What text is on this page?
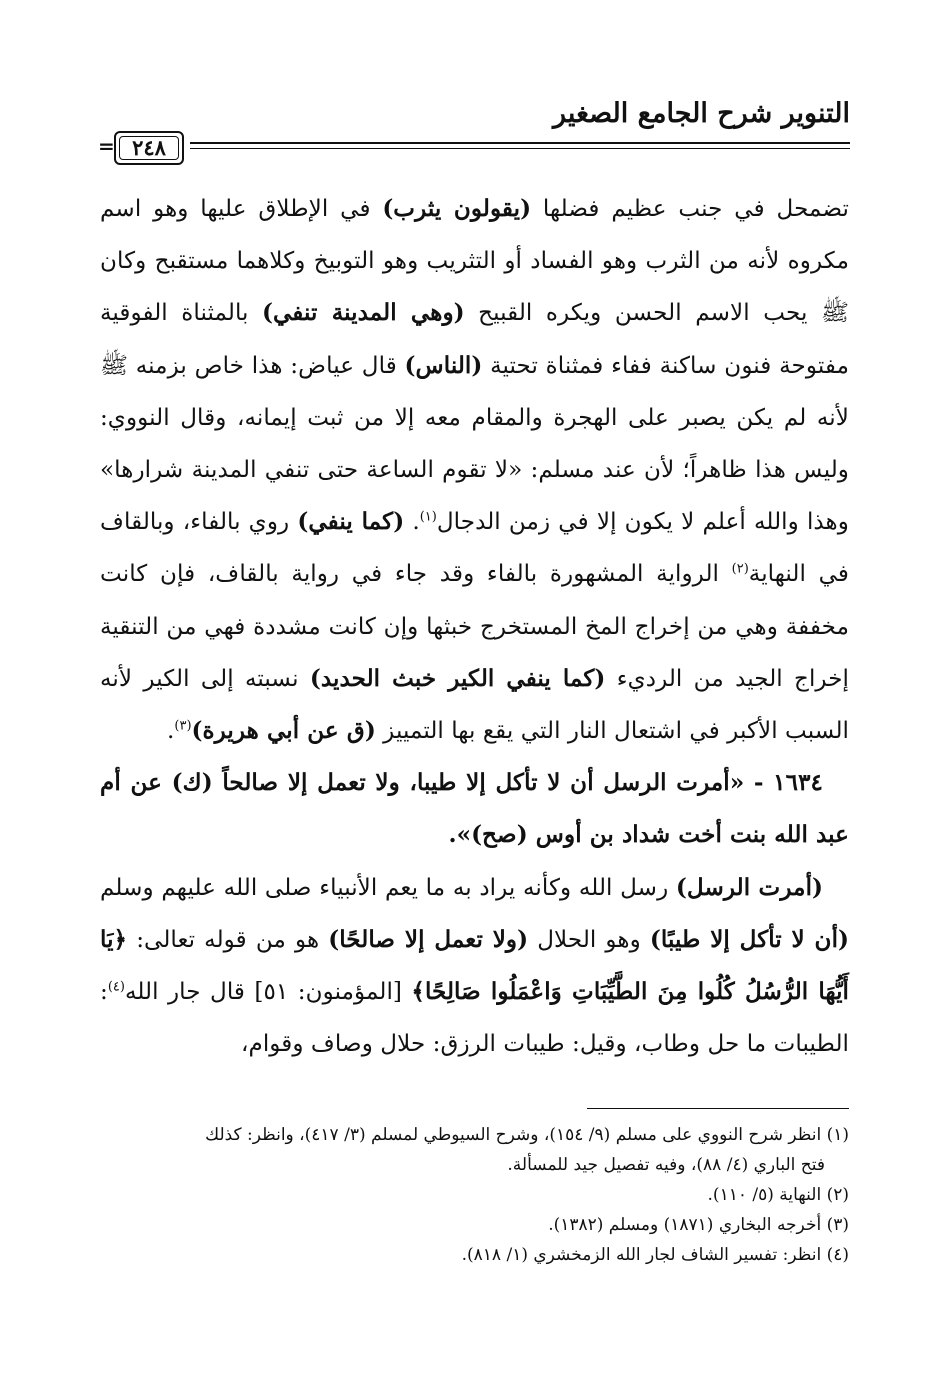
التنوير شرح الجامع الصغير
٢٤٨
=

تضمحل في جنب عظيم فضلها (يقولون يثرب) في الإطلاق عليها وهو اسم مكروه لأنه من الثرب وهو الفساد أو التثريب وهو التوبيخ وكلاهما مستقبح وكان ﷺ يحب الاسم الحسن ويكره القبيح (وهي المدينة تنفي) بالمثناة الفوقية مفتوحة فنون ساكنة ففاء فمثناة تحتية (الناس) قال عياض: هذا خاص بزمنه ﷺ لأنه لم يكن يصبر على الهجرة والمقام معه إلا من ثبت إيمانه، وقال النووي: وليس هذا ظاهراً؛ لأن عند مسلم: «لا تقوم الساعة حتى تنفي المدينة شرارها» وهذا والله أعلم لا يكون إلا في زمن الدجال$^{(١)}$. (كما ينفي) روي بالفاء، وبالقاف في النهاية$^{(٢)}$ الرواية المشهورة بالفاء وقد جاء في رواية بالقاف، فإن كانت مخففة وهي من إخراج المخ المستخرج خبثها وإن كانت مشددة فهي من التنقية إخراج الجيد من الرديء (كما ينفي الكير خبث الحديد) نسبته إلى الكير لأنه السبب الأكبر في اشتعال النار التي يقع بها التمييز (ق عن أبي هريرة)$^{(٣)}$.

١٦٣٤ - «أمرت الرسل أن لا تأكل إلا طيبا، ولا تعمل إلا صالحاً (ك) عن أم عبد الله بنت أخت شداد بن أوس (صح)».

(أمرت الرسل) رسل الله وكأنه يراد به ما يعم الأنبياء صلى الله عليهم وسلم (أن لا تأكل إلا طيبًا) وهو الحلال (ولا تعمل إلا صالحًا) هو من قوله تعالى: ﴿يَا أَيُّهَا الرُّسُلُ كُلُوا مِنَ الطَّيِّبَاتِ وَاعْمَلُوا صَالِحًا﴾ [المؤمنون: ٥١] قال جار الله$^{(٤)}$: الطيبات ما حل وطاب، وقيل: طيبات الرزق: حلال وصاف وقوام،

(١) انظر شرح النووي على مسلم (٩/ ١٥٤)، وشرح السيوطي لمسلم (٣/ ٤١٧)، وانظر: كذلك

فتح الباري (٤/ ٨٨)، وفيه تفصيل جيد للمسألة.

(٢) النهاية (٥/ ١١٠).

(٣) أخرجه البخاري (١٨٧١) ومسلم (١٣٨٢).

(٤) انظر: تفسير الشاف لجار الله الزمخشري (١/ ٨١٨).
